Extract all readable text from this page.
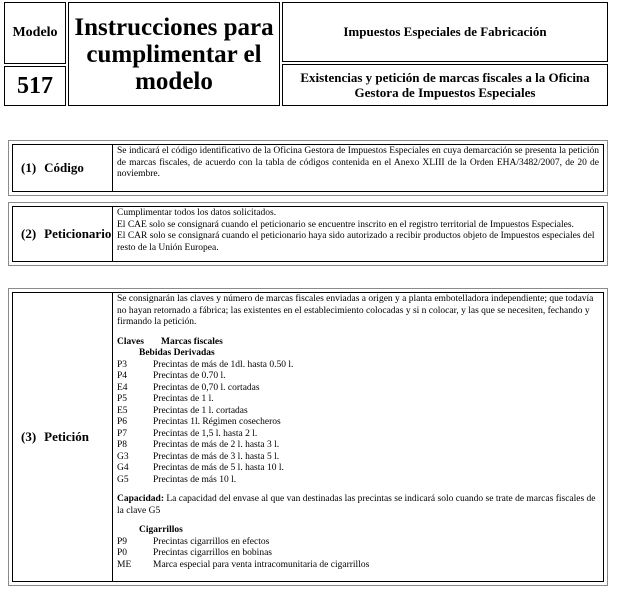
Modelo
517
Instrucciones para
cumplimentar el
modelo
Impuestos Especiales de Fabricación
Existencias y petición de marcas fiscales a la Oficina
Gestora de Impuestos Especiales
(1) Código
Se indicará el código identificativo de la Oficina Gestora de Impuestos Especiales en cuya demarcación se presenta la petición de marcas fiscales, de acuerdo con la tabla de códigos contenida en el Anexo XLIII de la Orden EHA/3482/2007, de 20 de noviembre.
(2) Peticionario
Cumplimentar todos los datos solicitados.
El CAE solo se consignará cuando el peticionario se encuentre inscrito en el registro territorial de Impuestos Especiales.
El CAR solo se consignará cuando el peticionario haya sido autorizado a recibir productos objeto de Impuestos especiales del resto de la Unión Europea.
(3) Petición
Se consignarán las claves y número de marcas fiscales enviadas a origen y a planta embotelladora independiente; que todavía no hayan retornado a fábrica; las existentes en el establecimiento colocadas y si n colocar, y las que se necesiten, fechando y firmando la petición.
Claves	Marcas fiscales
Bebidas Derivadas
P3	Precintas de más de 1dl. hasta 0.50 l.
P4	Precintas de 0.70 l.
E4	Precintas de 0,70 l. cortadas
P5	Precintas de 1 l.
E5	Precintas de 1 l. cortadas
P6	Precintas 1l. Régimen cosecheros
P7	Precintas de 1,5 l. hasta 2 l.
P8	Precintas de más de 2 l. hasta 3 l.
G3	Precintas de más de 3 l. hasta 5 l.
G4	Precintas de más de 5 l. hasta 10 l.
G5	Precintas de más 10 l.
Capacidad: La capacidad del envase al que van destinadas las precintas se indicará solo cuando se trate de marcas fiscales de la clave G5
Cigarrillos
P9	Precintas cigarrillos en efectos
P0	Precintas cigarrillos en bobinas
ME	Marca especial para venta intracomunitaria de cigarrillos
